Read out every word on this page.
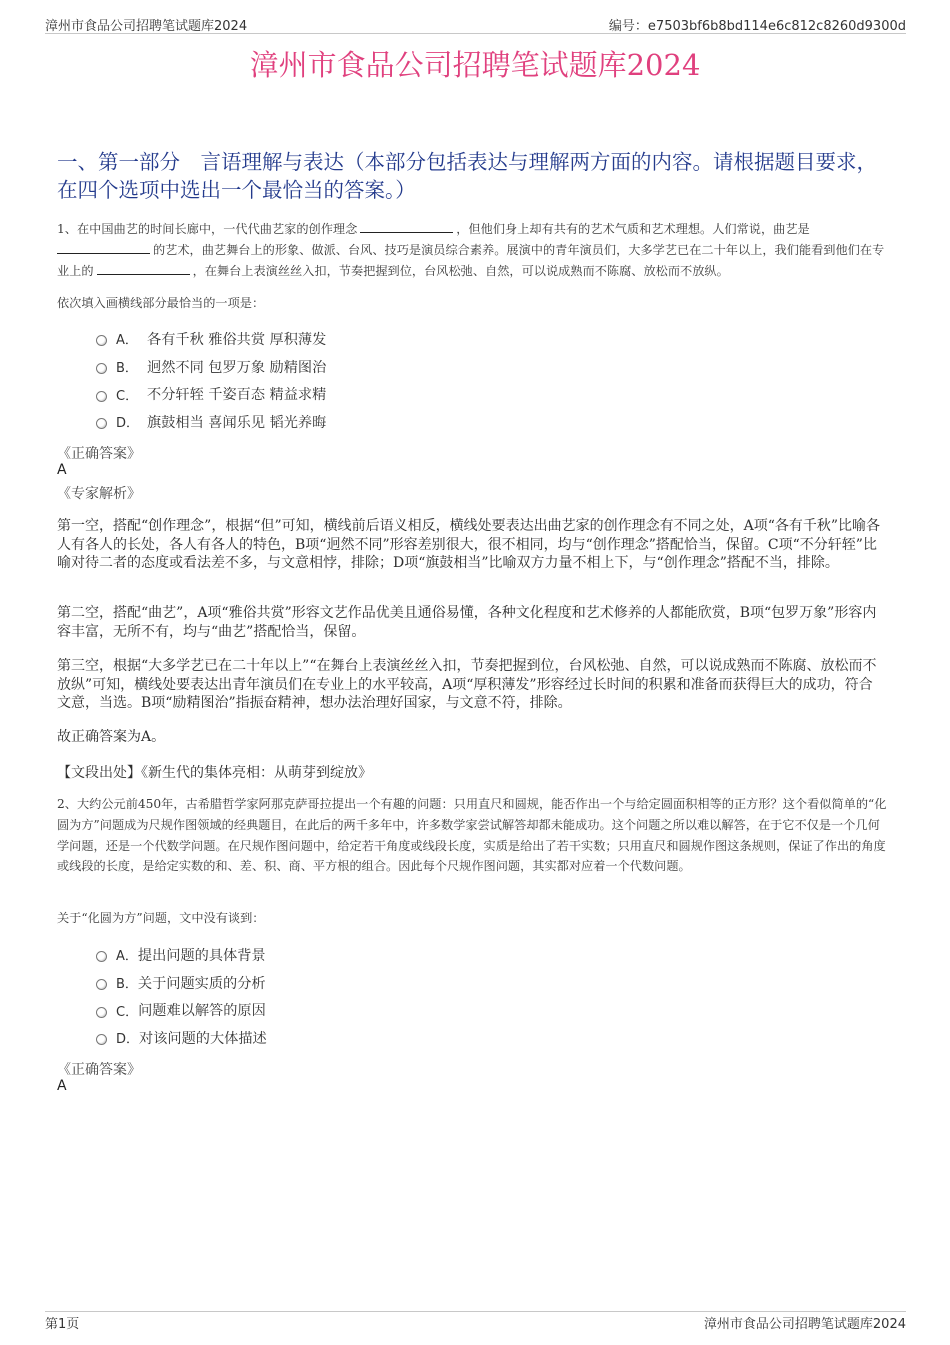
漳州市食品公司招聘笔试题库2024	编号：e7503bf6b8bd114e6c812c8260d9300d
漳州市食品公司招聘笔试题库2024
一、第一部分　言语理解与表达（本部分包括表达与理解两方面的内容。请根据题目要求，在四个选项中选出一个最恰当的答案。）
1、在中国曲艺的时间长廊中，一代代曲艺家的创作理念	，但他们身上却有共有的艺术气质和艺术理想。人们常说，曲艺是的艺术，曲艺舞台上的形象、做派、台风、技巧是演员综合素养。展演中的青年演员们，大多学艺已在二十年以上，我们能看到他们在专业上的	，在舞台上表演丝丝入扣，节奏把握到位，台风松弛、自然，可以说成熟而不陈腐、放松而不放纵。
依次填入画横线部分最恰当的一项是：
A． 各有千秋 雅俗共赏 厚积薄发
B． 迥然不同 包罗万象 励精图治
C． 不分轩轾 千姿百态 精益求精
D． 旗鼓相当 喜闻乐见 韬光养晦
《正确答案》
A
《专家解析》
第一空，搭配“创作理念”，根据“但”可知，横线前后语义相反，横线处要表达出曲艺家的创作理念有不同之处，A项“各有千秋”比喻各人有各人的长处，各人有各人的特色，B项“迥然不同”形容差别很大，很不相同，均与“创作理念”搭配恰当，保留。C项“不分轩轾”比喻对待二者的态度或看法差不多，与文意相悖，排除；D项“旗鼓相当”比喻双方力量不相上下，与“创作理念”搭配不当，排除。
第二空，搭配“曲艺”，A项“雅俗共赏”形容文艺作品优美且通俗易懂，各种文化程度和艺术修养的人都能欣赏，B项“包罗万象”形容内容丰富，无所不有，均与“曲艺”搭配恰当，保留。
第三空，根据“大多学艺已在二十年以上”“在舞台上表演丝丝入扣，节奏把握到位，台风松弛、自然，可以说成熟而不陈腐、放松而不放纵”可知，横线处要表达出青年演员们在专业上的水平较高，A项“厚积薄发”形容经过长时间的积累和准备而获得巨大的成功，符合文意，当选。B项“励精图治”指振奋精神，想办法治理好国家，与文意不符，排除。
故正确答案为A。
【文段出处】《新生代的集体亮相：从萌芽到绽放》
2、大约公元前450年，古希腊哲学家阿那克萨哥拉提出一个有趣的问题：只用直尺和圆规，能否作出一个与给定圆面积相等的正方形？这个看似简单的“化圆为方”问题成为尺规作图领域的经典题目，在此后的两千多年中，许多数学家尝试解答却都未能成功。这个问题之所以难以解答，在于它不仅是一个几何学问题，还是一个代数学问题。在尺规作图问题中，给定若干角度或线段长度，实质是给出了若干实数；只用直尺和圆规作图这条规则，保证了作出的角度或线段的长度，是给定实数的和、差、积、商、平方根的组合。因此每个尺规作图问题，其实都对应着一个代数问题。
关于“化圆为方”问题，文中没有谈到：
A． 提出问题的具体背景
B． 关于问题实质的分析
C． 问题难以解答的原因
D． 对该问题的大体描述
《正确答案》
A
第1页	漳州市食品公司招聘笔试题库2024
